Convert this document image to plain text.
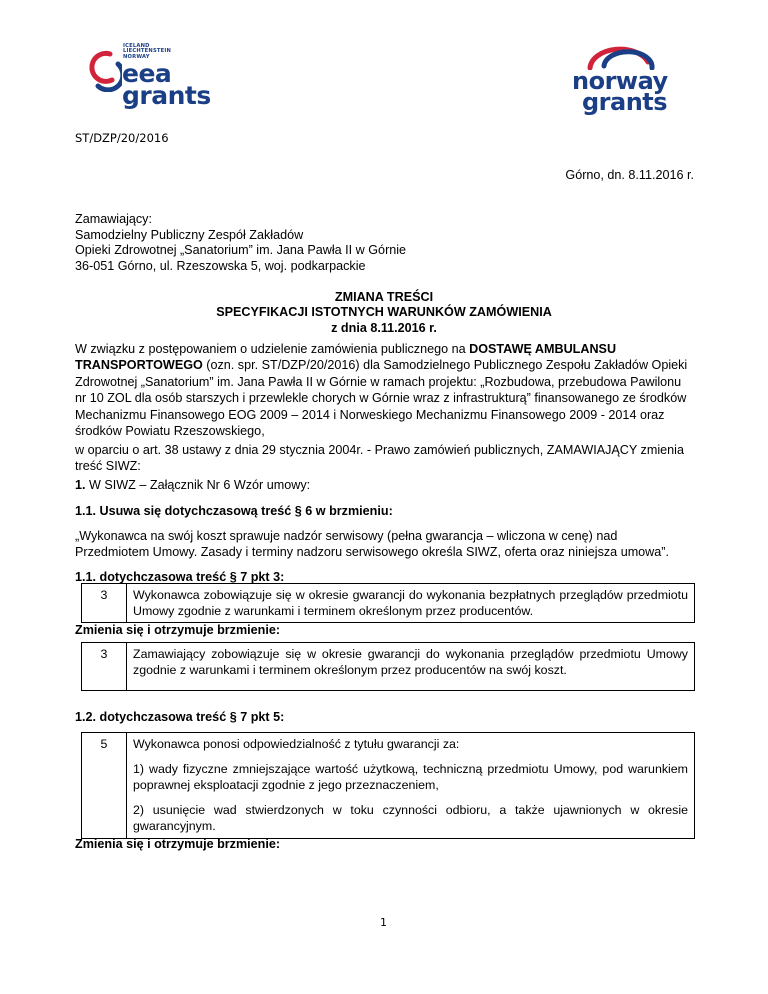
ICELAND
LIECHTENSTEIN
NORWAY
eea
grants	norway
grants
ST/DZP/20/2016
Górno, dn. 8.11.2016 r.
Zamawiający:
Samodzielny Publiczny Zespół Zakładów
Opieki Zdrowotnej „Sanatorium” im. Jana Pawła II w Górnie
36-051 Górno, ul. Rzeszowska 5, woj. podkarpackie
ZMIANA TREŚCI
SPECYFIKACJI ISTOTNYCH WARUNKÓW ZAMÓWIENIA
z dnia 8.11.2016 r.
W związku z postępowaniem o udzielenie zamówienia publicznego na DOSTAWĘ AMBULANSU TRANSPORTOWEGO (ozn. spr. ST/DZP/20/2016) dla Samodzielnego Publicznego Zespołu Zakładów Opieki Zdrowotnej „Sanatorium” im. Jana Pawła II w Górnie w ramach projektu: „Rozbudowa, przebudowa Pawilonu nr 10 ZOL dla osób starszych i przewlekle chorych w Górnie wraz z infrastrukturą” finansowanego ze środków Mechanizmu Finansowego EOG 2009 – 2014 i Norweskiego Mechanizmu Finansowego 2009 - 2014 oraz środków Powiatu Rzeszowskiego,
w oparciu o art. 38 ustawy z dnia 29 stycznia 2004r. - Prawo zamówień publicznych, ZAMAWIAJĄCY zmienia treść SIWZ:
1. W SIWZ – Załącznik Nr 6 Wzór umowy:
1.1. Usuwa się dotychczasową treść § 6 w brzmieniu:
„Wykonawca na swój koszt sprawuje nadzór serwisowy (pełna gwarancja – wliczona w cenę) nad Przedmiotem Umowy. Zasady i terminy nadzoru serwisowego określa SIWZ, oferta oraz niniejsza umowa”.
1.1. dotychczasowa treść § 7 pkt 3:
3	Wykonawca zobowiązuje się w okresie gwarancji do wykonania bezpłatnych przeglądów przedmiotu Umowy zgodnie z warunkami i terminem określonym przez producentów.
Zmienia się i otrzymuje brzmienie:
3	Zamawiający zobowiązuje się w okresie gwarancji do wykonania przeglądów przedmiotu Umowy zgodnie z warunkami i terminem określonym przez producentów na swój koszt.
1.2. dotychczasowa treść § 7 pkt 5:
5	Wykonawca ponosi odpowiedzialność z tytułu gwarancji za:

1) wady fizyczne zmniejszające wartość użytkową, techniczną przedmiotu Umowy, pod warunkiem poprawnej eksploatacji zgodnie z jego przeznaczeniem,

2) usunięcie wad stwierdzonych w toku czynności odbioru, a także ujawnionych w okresie gwarancyjnym.

Zmienia się i otrzymuje brzmienie:
1
